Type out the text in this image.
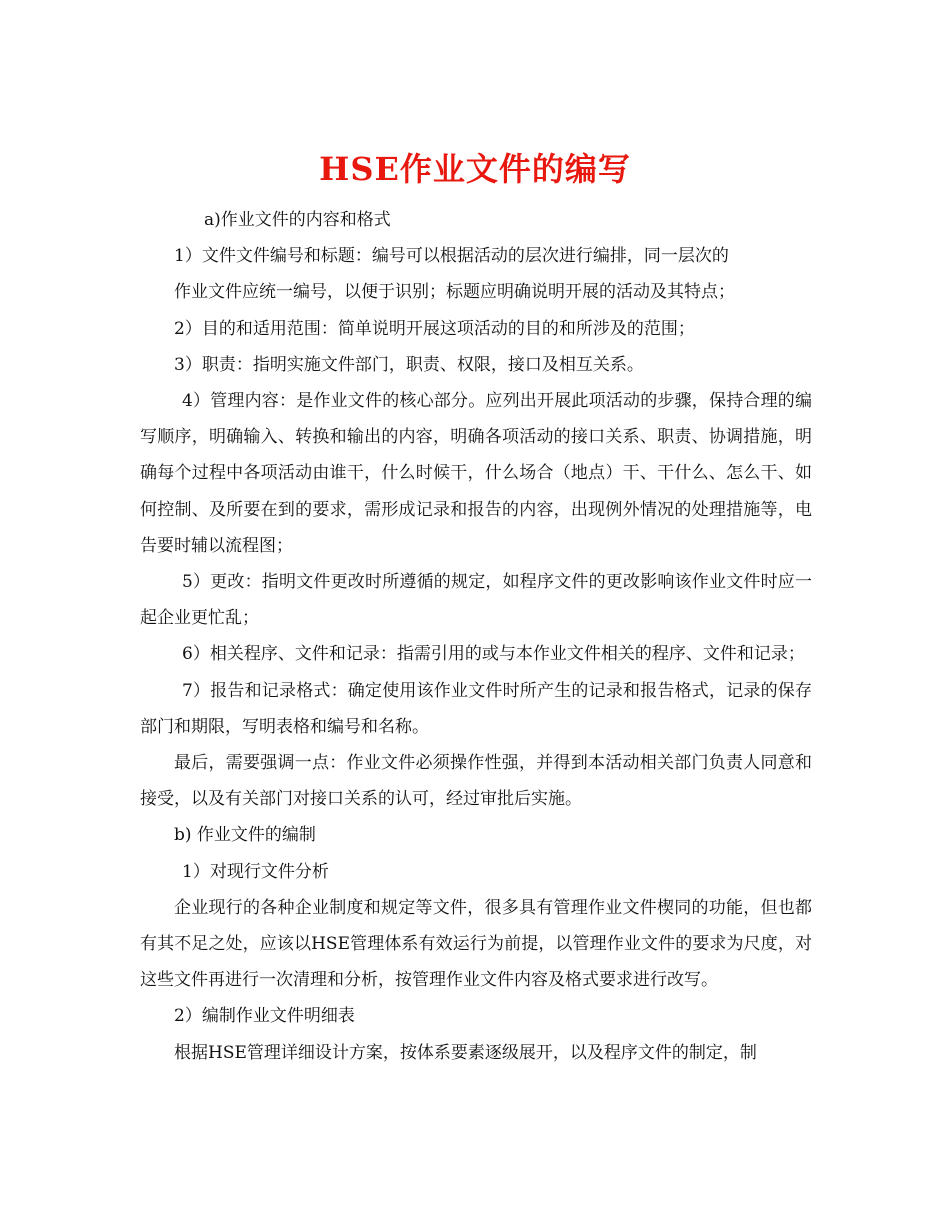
HSE作业文件的编写

a)作业文件的内容和格式

1）文件文件编号和标题：编号可以根据活动的层次进行编排，同一层次的

作业文件应统一编号，以便于识别；标题应明确说明开展的活动及其特点；

2）目的和适用范围：简单说明开展这项活动的目的和所涉及的范围；

3）职责：指明实施文件部门，职责、权限，接口及相互关系。

4）管理内容：是作业文件的核心部分。应列出开展此项活动的步骤，保持合理的编写顺序，明确输入、转换和输出的内容，明确各项活动的接口关系、职责、协调措施，明确每个过程中各项活动由谁干，什么时候干，什么场合（地点）干、干什么、怎么干、如何控制、及所要在到的要求，需形成记录和报告的内容，出现例外情况的处理措施等，电告要时辅以流程图；

5）更改：指明文件更改时所遵循的规定，如程序文件的更改影响该作业文件时应一起企业更忙乱；

6）相关程序、文件和记录：指需引用的或与本作业文件相关的程序、文件和记录；

7）报告和记录格式：确定使用该作业文件时所产生的记录和报告格式，记录的保存部门和期限，写明表格和编号和名称。

最后，需要强调一点：作业文件必须操作性强，并得到本活动相关部门负责人同意和接受，以及有关部门对接口关系的认可，经过审批后实施。

b) 作业文件的编制

1）对现行文件分析

企业现行的各种企业制度和规定等文件，很多具有管理作业文件楔同的功能，但也都有其不足之处，应该以HSE管理体系有效运行为前提，以管理作业文件的要求为尺度，对这些文件再进行一次清理和分析，按管理作业文件内容及格式要求进行改写。

2）编制作业文件明细表

根据HSE管理详细设计方案，按体系要素逐级展开，以及程序文件的制定，制
